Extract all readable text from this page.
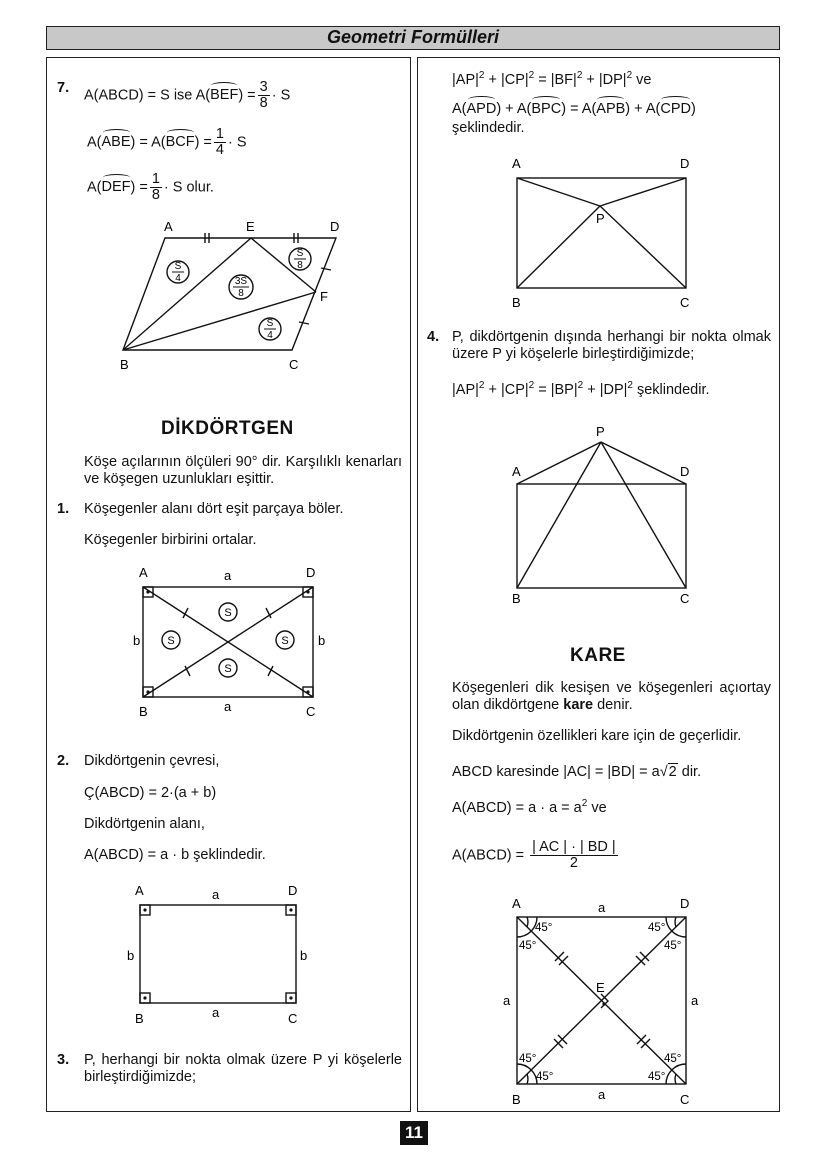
Geometri Formülleri
7. A(ABCD) = S ise $A(BEF) = \frac{3}{8} \cdot S$
$A(ABE) = A(BCF) = \frac{1}{4} \cdot S$
$A(DEF) = \frac{1}{8} \cdot S$ olur.
A	E	D
F
B	C
S
4	3S
8
S
8
S
4
DİKDÖRTGEN
Köşe açılarının ölçüleri 90° dir. Karşılıklı kenarları ve köşegen uzunlukları eşittir.
1. Köşegenler alanı dört eşit parçaya böler.
Köşegenler birbirini ortalar.
A	D
B	C
a
a
b	b
S
S
S	S
2. Dikdörtgenin çevresi,
Ç(ABCD) = 2·(a + b)
Dikdörtgenin alanı,
A(ABCD) = a · b şeklindedir.
A	D
B	C
a
a
b	b
3. P, herhangi bir nokta olmak üzere P yi köşelerle birleştirdiğimizde;
$|AP|^2 + |CP|^2 = |BF|^2 + |DP|^2$ ve
A(APD) + A(BPC) = A(APB) + A(CPD)
şeklindedir.
A	D
B	C
P
4. P, dikdörtgenin dışında herhangi bir nokta olmak üzere P yi köşelerle birleştirdiğimizde;
$|AP|^2 + |CP|^2 = |BP|^2 + |DP|^2$ şeklindedir.
P
A	D
B	C
KARE
Köşegenleri dik kesişen ve köşegenleri açıortay olan dikdörtgene kare denir.
Dikdörtgenin özellikleri kare için de geçerlidir.
ABCD karesinde |AC| = |BD| = a√2 dir.
A(ABCD) = $a \cdot a = a^2$ ve
A(ABCD) = $\frac{| AC | \cdot | BD |}{2}$
A	D
B	C
E
a
a
a	a
45°
45°
45°
45°
45°
45°
45°
45°
11
